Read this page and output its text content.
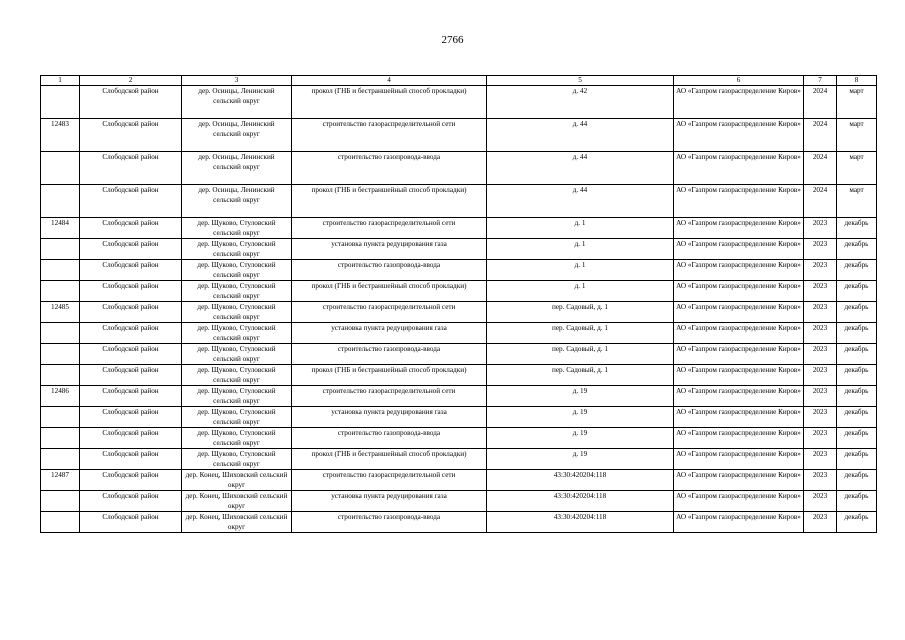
2766
1	2	3	4	5	6	7	8
	Слободской район	дер. Осинцы, Ленинский сельский округ	прокол (ГНБ и бестраншейный способ прокладки)	д. 42	АО «Газпром газораспределение Киров»	2024	март
12483	Слободской район	дер. Осинцы, Ленинский сельский округ	строительство газораспределительной сети	д. 44	АО «Газпром газораспределение Киров»	2024	март
	Слободской район	дер. Осинцы, Ленинский сельский округ	строительство газопровода-ввода	д. 44	АО «Газпром газораспределение Киров»	2024	март
	Слободской район	дер. Осинцы, Ленинский сельский округ	прокол (ГНБ и бестраншейный способ прокладки)	д. 44	АО «Газпром газораспределение Киров»	2024	март
12484	Слободской район	дер. Щуково, Стуловский сельский округ	строительство газораспределительной сети	д. 1	АО «Газпром газораспределение Киров»	2023	декабрь
	Слободской район	дер. Щуково, Стуловский сельский округ	установка пункта редуцирования газа	д. 1	АО «Газпром газораспределение Киров»	2023	декабрь
	Слободской район	дер. Щуково, Стуловский сельский округ	строительство газопровода-ввода	д. 1	АО «Газпром газораспределение Киров»	2023	декабрь
	Слободской район	дер. Щуково, Стуловский сельский округ	прокол (ГНБ и бестраншейный способ прокладки)	д. 1	АО «Газпром газораспределение Киров»	2023	декабрь
12485	Слободской район	дер. Щуково, Стуловский сельский округ	строительство газораспределительной сети	пер. Садовый, д. 1	АО «Газпром газораспределение Киров»	2023	декабрь
	Слободской район	дер. Щуково, Стуловский сельский округ	установка пункта редуцирования газа	пер. Садовый, д. 1	АО «Газпром газораспределение Киров»	2023	декабрь
	Слободской район	дер. Щуково, Стуловский сельский округ	строительство газопровода-ввода	пер. Садовый, д. 1	АО «Газпром газораспределение Киров»	2023	декабрь
	Слободской район	дер. Щуково, Стуловский сельский округ	прокол (ГНБ и бестраншейный способ прокладки)	пер. Садовый, д. 1	АО «Газпром газораспределение Киров»	2023	декабрь
12486	Слободской район	дер. Щуково, Стуловский сельский округ	строительство газораспределительной сети	д. 19	АО «Газпром газораспределение Киров»	2023	декабрь
	Слободской район	дер. Щуково, Стуловский сельский округ	установка пункта редуцирования газа	д. 19	АО «Газпром газораспределение Киров»	2023	декабрь
	Слободской район	дер. Щуково, Стуловский сельский округ	строительство газопровода-ввода	д. 19	АО «Газпром газораспределение Киров»	2023	декабрь
	Слободской район	дер. Щуково, Стуловский сельский округ	прокол (ГНБ и бестраншейный способ прокладки)	д. 19	АО «Газпром газораспределение Киров»	2023	декабрь
12487	Слободской район	дер. Конец, Шиховский сельский округ	строительство газораспределительной сети	43:30:420204:118	АО «Газпром газораспределение Киров»	2023	декабрь
	Слободской район	дер. Конец, Шиховский сельский округ	установка пункта редуцирования газа	43:30:420204:118	АО «Газпром газораспределение Киров»	2023	декабрь
	Слободской район	дер. Конец, Шиховский сельский округ	строительство газопровода-ввода	43:30:420204:118	АО «Газпром газораспределение Киров»	2023	декабрь
